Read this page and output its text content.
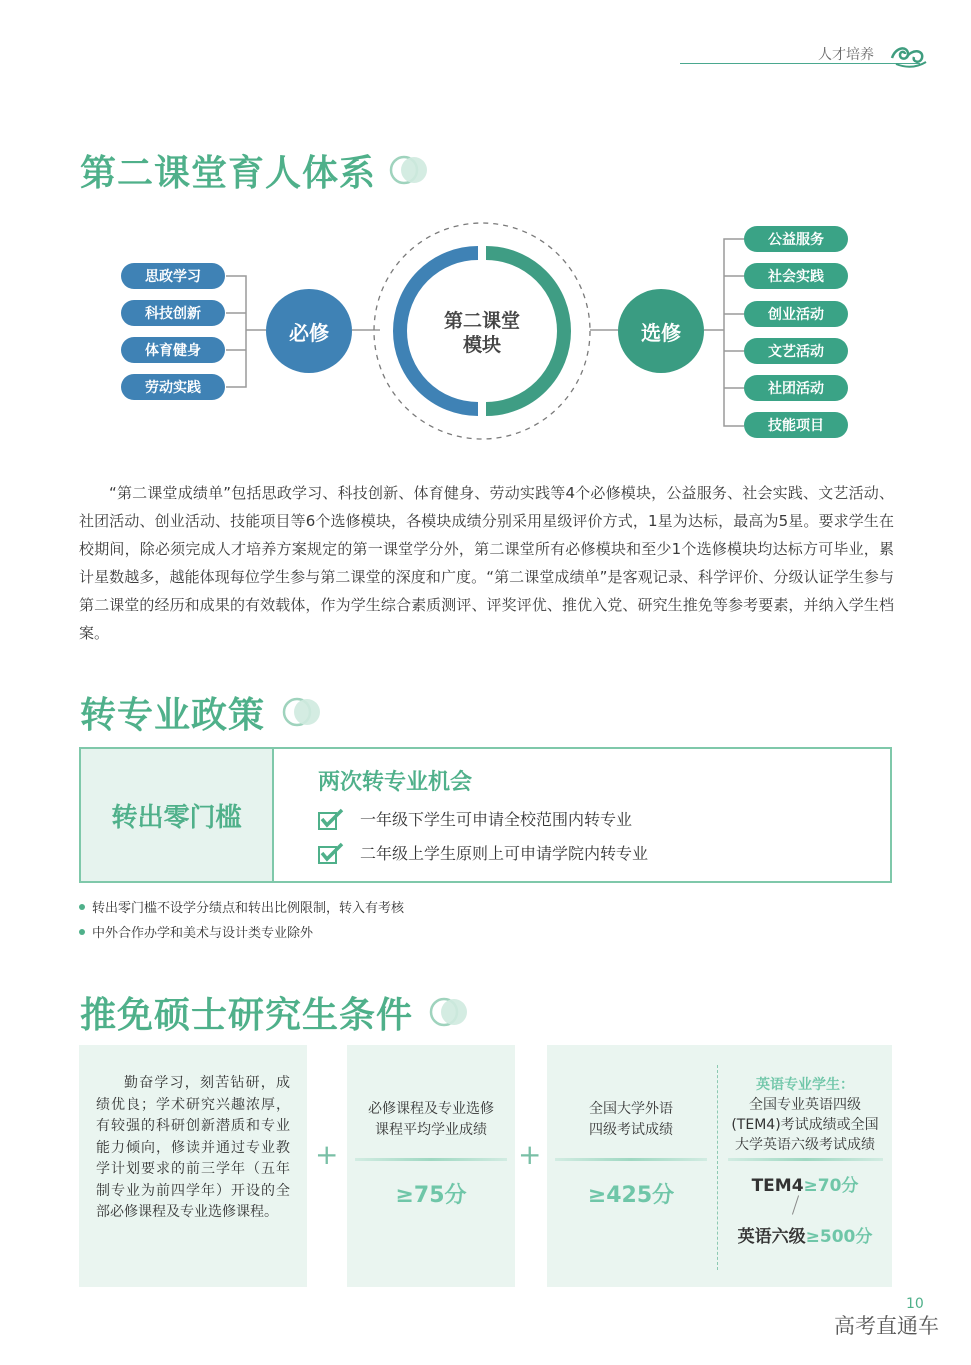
人才培养
第二课堂育人体系
第二课堂
模块
必修	选修
思政学习
科技创新
体育健身
劳动实践
公益服务
社会实践
创业活动
文艺活动
社团活动
技能项目
“第二课堂成绩单”包括思政学习、科技创新、体育健身、劳动实践等4个必修模块，公益服务、社会实践、文艺活动、社团活动、创业活动、技能项目等6个选修模块，各模块成绩分别采用星级评价方式，1星为达标，最高为5星。要求学生在校期间，除必须完成人才培养方案规定的第一课堂学分外，第二课堂所有必修模块和至少1个选修模块均达标方可毕业，累计星数越多，越能体现每位学生参与第二课堂的深度和广度。“第二课堂成绩单”是客观记录、科学评价、分级认证学生参与第二课堂的经历和成果的有效载体，作为学生综合素质测评、评奖评优、推优入党、研究生推免等参考要素，并纳入学生档案。
转专业政策
转出零门槛
两次转专业机会
一年级下学生可申请全校范围内转专业
二年级上学生原则上可申请学院内转专业
转出零门槛不设学分绩点和转出比例限制，转入有考核
中外合作办学和美术与设计类专业除外
推免硕士研究生条件
勤奋学习，刻苦钻研，成绩优良；学术研究兴趣浓厚，有较强的科研创新潜质和专业能力倾向，修读并通过专业教学计划要求的前三学年（五年制专业为前四学年）开设的全部必修课程及专业选修课程。
+
必修课程及专业选修
课程平均学业成绩
≥75分
+
全国大学外语
四级考试成绩
≥425分
英语专业学生：
全国专业英语四级
(TEM4)考试成绩或全国
大学英语六级考试成绩
TEM4≥70分
英语六级≥500分
10
高考直通车
